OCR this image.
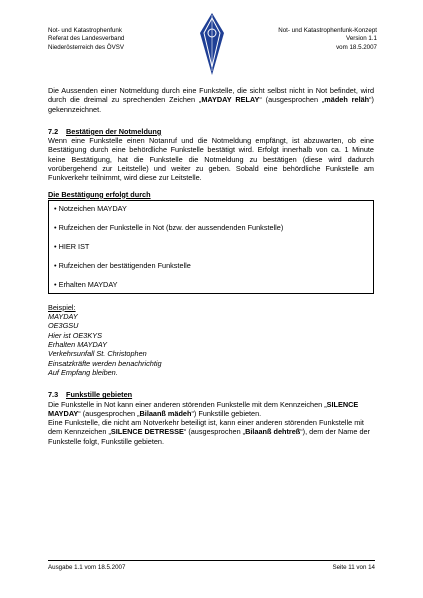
Not- und Katastrophenfunk
Referat des Landesverband
Niederösterreich des ÖVSV
Not- und Katastrophenfunk-Konzept
Version 1.1
vom 18.5.2007

Die Aussenden einer Notmeldung durch eine Funkstelle, die sicht selbst nicht in Not befindet, wird durch die dreimal zu sprechenden Zeichen „MAYDAY RELAY“ (ausgesprochen „mädeh reläh“) gekennzeichnet.

7.2	Bestätigen der Notmeldung

Wenn eine Funkstelle einen Notanruf und die Notmeldung empfängt, ist abzuwarten, ob eine Bestätigung durch eine behördliche Funkstelle bestätigt wird. Erfolgt innerhalb von ca. 1 Minute keine Bestätigung, hat die Funkstelle die Notmeldung zu bestätigen (diese wird dadurch vorübergehend zur Leitstelle) und weiter zu geben. Sobald eine behördliche Funkstelle am Funkverkehr teilnimmt, wird diese zur Leitstelle.

Die Bestätigung erfolgt durch
• Notzeichen MAYDAY
• Rufzeichen der Funkstelle in Not (bzw. der aussendenden Funkstelle)
• HIER IST
• Rufzeichen der bestätigenden Funkstelle
• Erhalten MAYDAY
Beispiel:
MAYDAY
OE3GSU
Hier ist OE3KYS
Erhalten MAYDAY
Verkehrsunfall St. Christophen
Einsatzkräfte werden benachrichtig
Auf Empfang bleiben.
7.3	Funkstille gebieten

Die Funkstelle in Not kann einer anderen störenden Funkstelle mit dem Kennzeichen „SILENCE MAYDAY“ (ausgesprochen „Bilaanß mädeh“) Funkstille gebieten.

Eine Funkstelle, die nicht am Notverkehr beteiligt ist, kann einer anderen störenden Funkstelle mit dem Kennzeichen „SILENCE DETRESSE“ (ausgesprochen „Bilaanß dehtreß“), dem der Name der Funkstelle folgt, Funkstille gebieten.

Ausgabe 1.1 vom 18.5.2007	Seite 11 von 14
